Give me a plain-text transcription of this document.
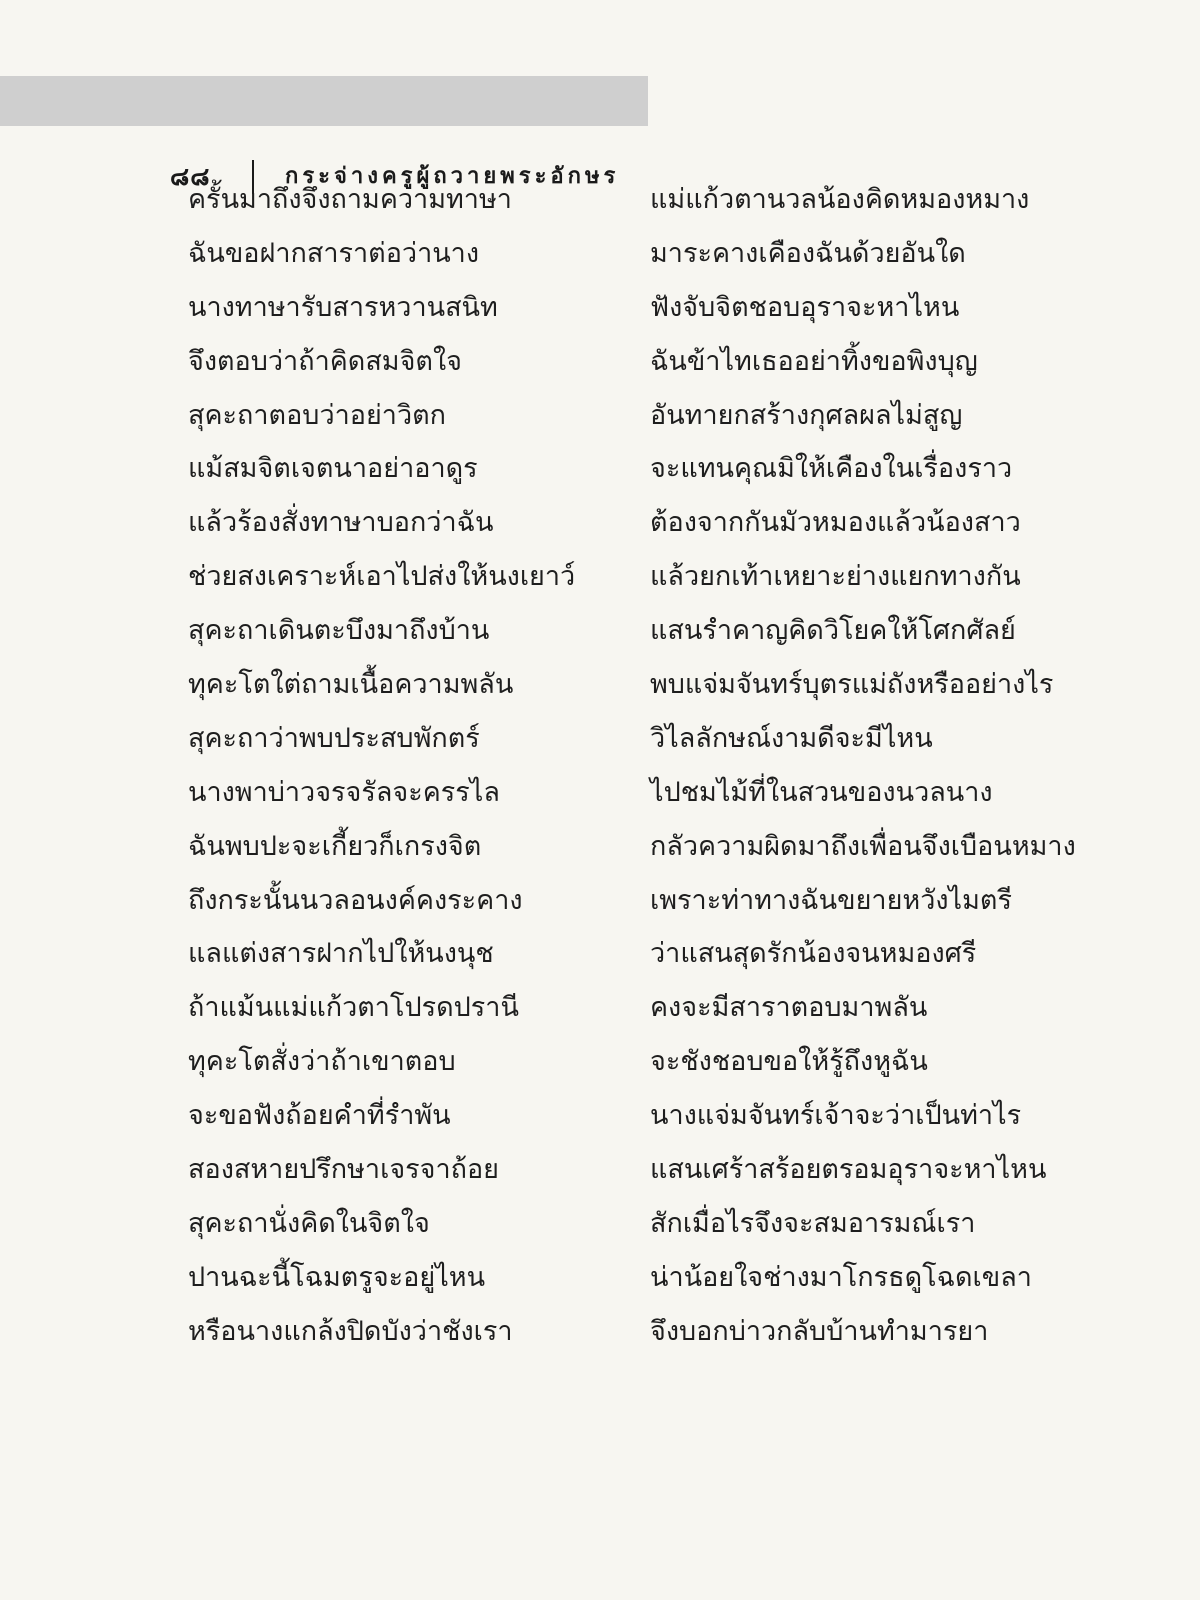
๘๘	กระจ่างครูผู้ถวายพระอักษร
ครั้นมาถึงจึงถามความทาษา
ฉันขอฝากสาราต่อว่านาง
นางทาษารับสารหวานสนิท
จึงตอบว่าถ้าคิดสมจิตใจ
สุคะถาตอบว่าอย่าวิตก
แม้สมจิตเจตนาอย่าอาดูร
แล้วร้องสั่งทาษาบอกว่าฉัน
ช่วยสงเคราะห์เอาไปส่งให้นงเยาว์
สุคะถาเดินตะบึงมาถึงบ้าน
ทุคะโตใต่ถามเนื้อความพลัน
สุคะถาว่าพบประสบพักตร์
นางพาบ่าวจรจรัลจะครรไล
ฉันพบปะจะเกี้ยวก็เกรงจิต
ถึงกระนั้นนวลอนงค์คงระคาง
แลแต่งสารฝากไปให้นงนุช
ถ้าแม้นแม่แก้วตาโปรดปรานี
ทุคะโตสั่งว่าถ้าเขาตอบ
จะขอฟังถ้อยคำที่รำพัน
สองสหายปรึกษาเจรจาถ้อย
สุคะถานั่งคิดในจิตใจ
ปานฉะนี้โฉมตรูจะอยู่ไหน
หรือนางแกล้งปิดบังว่าชังเรา
แม่แก้วตานวลน้องคิดหมองหมาง
มาระคางเคืองฉันด้วยอันใด
ฟังจับจิตชอบอุราจะหาไหน
ฉันข้าไทเธออย่าทิ้งขอพิงบุญ
อันทายกสร้างกุศลผลไม่สูญ
จะแทนคุณมิให้เคืองในเรื่องราว
ต้องจากกันมัวหมองแล้วน้องสาว
แล้วยกเท้าเหยาะย่างแยกทางกัน
แสนรำคาญคิดวิโยคให้โศกศัลย์
พบแจ่มจันทร์บุตรแม่ถังหรืออย่างไร
วิไลลักษณ์งามดีจะมีไหน
ไปชมไม้ที่ในสวนของนวลนาง
กลัวความผิดมาถึงเพื่อนจึงเบือนหมาง
เพราะท่าทางฉันขยายหวังไมตรี
ว่าแสนสุดรักน้องจนหมองศรี
คงจะมีสาราตอบมาพลัน
จะชังชอบขอให้รู้ถึงหูฉัน
นางแจ่มจันทร์เจ้าจะว่าเป็นท่าไร
แสนเศร้าสร้อยตรอมอุราจะหาไหน
สักเมื่อไรจึงจะสมอารมณ์เรา
น่าน้อยใจช่างมาโกรธดูโฉดเขลา
จึงบอกบ่าวกลับบ้านทำมารยา
